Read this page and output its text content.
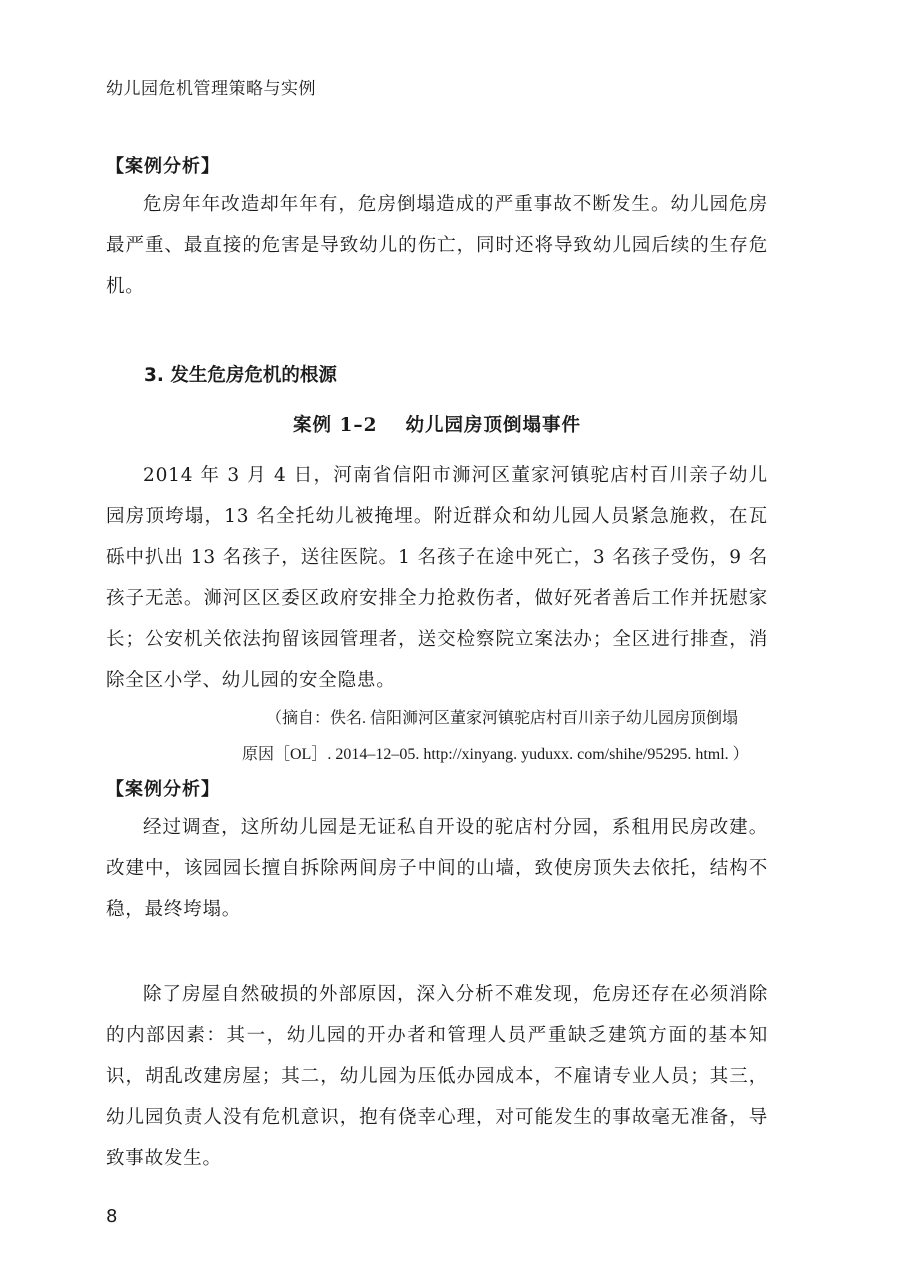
幼儿园危机管理策略与实例

【案例分析】

危房年年改造却年年有，危房倒塌造成的严重事故不断发生。幼儿园危房最严重、最直接的危害是导致幼儿的伤亡，同时还将导致幼儿园后续的生存危机。

3. 发生危房危机的根源

案例 1–2 幼儿园房顶倒塌事件

2014 年 3 月 4 日，河南省信阳市浉河区董家河镇驼店村百川亲子幼儿园房顶垮塌，13 名全托幼儿被掩埋。附近群众和幼儿园人员紧急施救，在瓦砾中扒出 13 名孩子，送往医院。1 名孩子在途中死亡，3 名孩子受伤，9 名孩子无恙。浉河区区委区政府安排全力抢救伤者，做好死者善后工作并抚慰家长；公安机关依法拘留该园管理者，送交检察院立案法办；全区进行排查，消除全区小学、幼儿园的安全隐患。

（摘自：佚名. 信阳浉河区董家河镇驼店村百川亲子幼儿园房顶倒塌

原因［OL］. 2014–12–05. http://xinyang. yuduxx. com/shihe/95295. html. ）

【案例分析】

经过调查，这所幼儿园是无证私自开设的驼店村分园，系租用民房改建。改建中，该园园长擅自拆除两间房子中间的山墙，致使房顶失去依托，结构不稳，最终垮塌。

除了房屋自然破损的外部原因，深入分析不难发现，危房还存在必须消除的内部因素：其一，幼儿园的开办者和管理人员严重缺乏建筑方面的基本知识，胡乱改建房屋；其二，幼儿园为压低办园成本，不雇请专业人员；其三，幼儿园负责人没有危机意识，抱有侥幸心理，对可能发生的事故毫无准备，导致事故发生。

8
